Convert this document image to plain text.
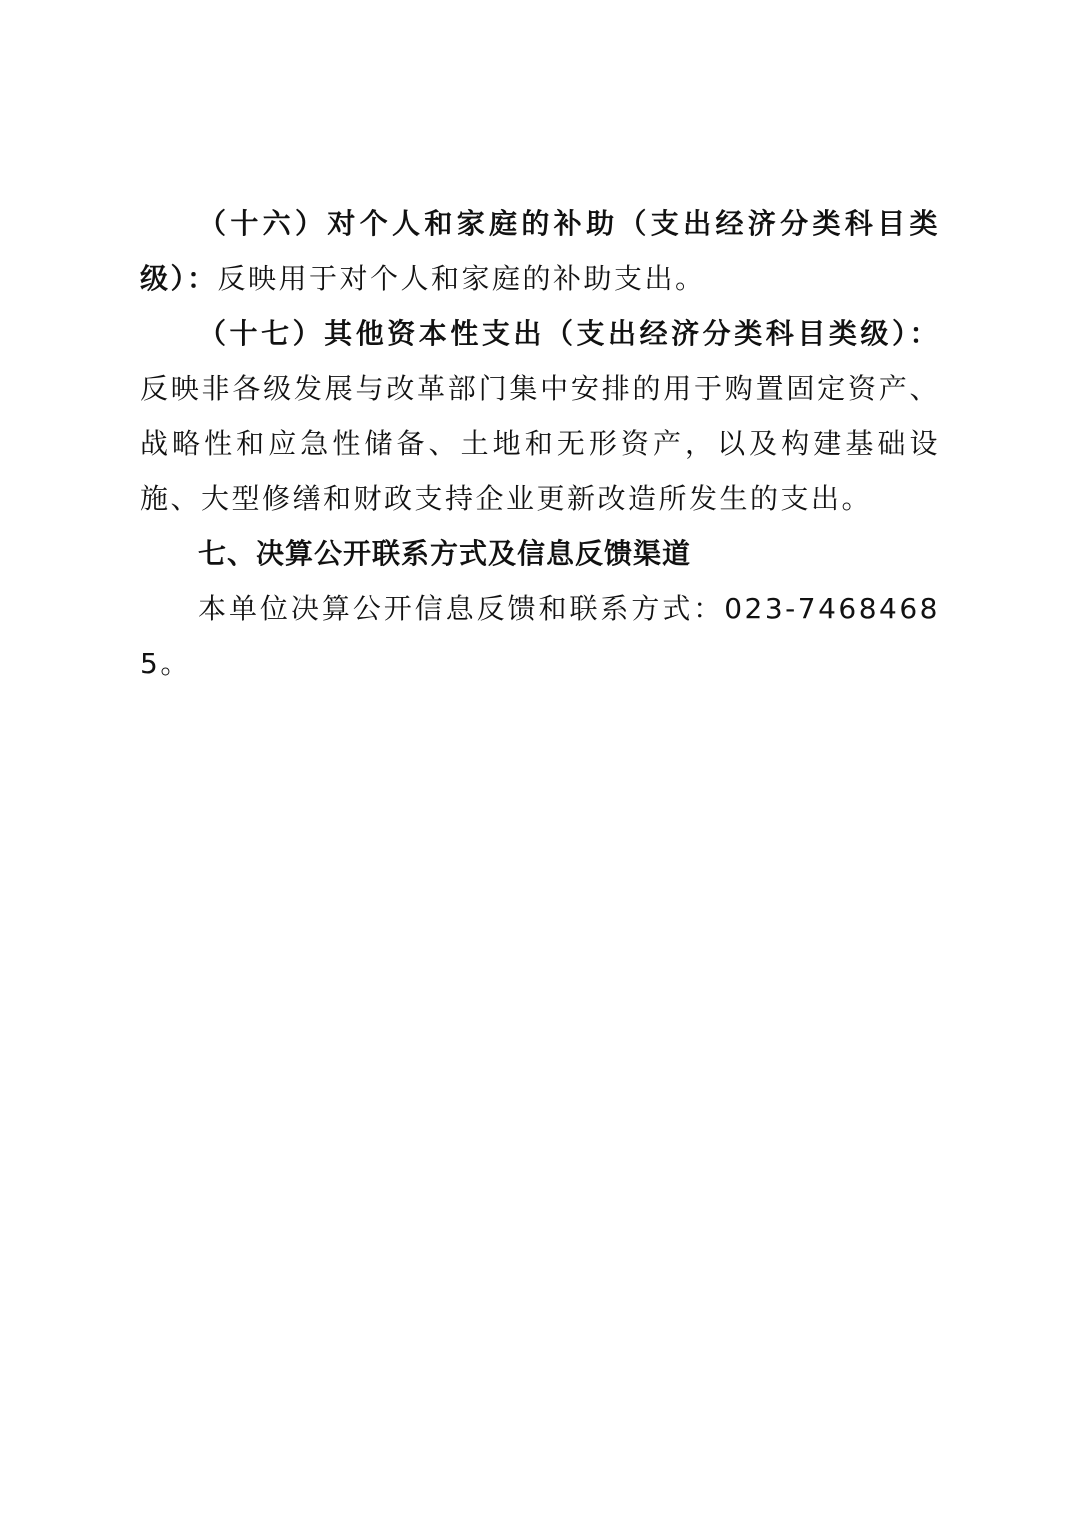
（十六）对个人和家庭的补助（支出经济分类科目类级）：反映用于对个人和家庭的补助支出。

（十七）其他资本性支出（支出经济分类科目类级）：反映非各级发展与改革部门集中安排的用于购置固定资产、战略性和应急性储备、土地和无形资产，以及构建基础设施、大型修缮和财政支持企业更新改造所发生的支出。

七、决算公开联系方式及信息反馈渠道

本单位决算公开信息反馈和联系方式：023-74684685。
